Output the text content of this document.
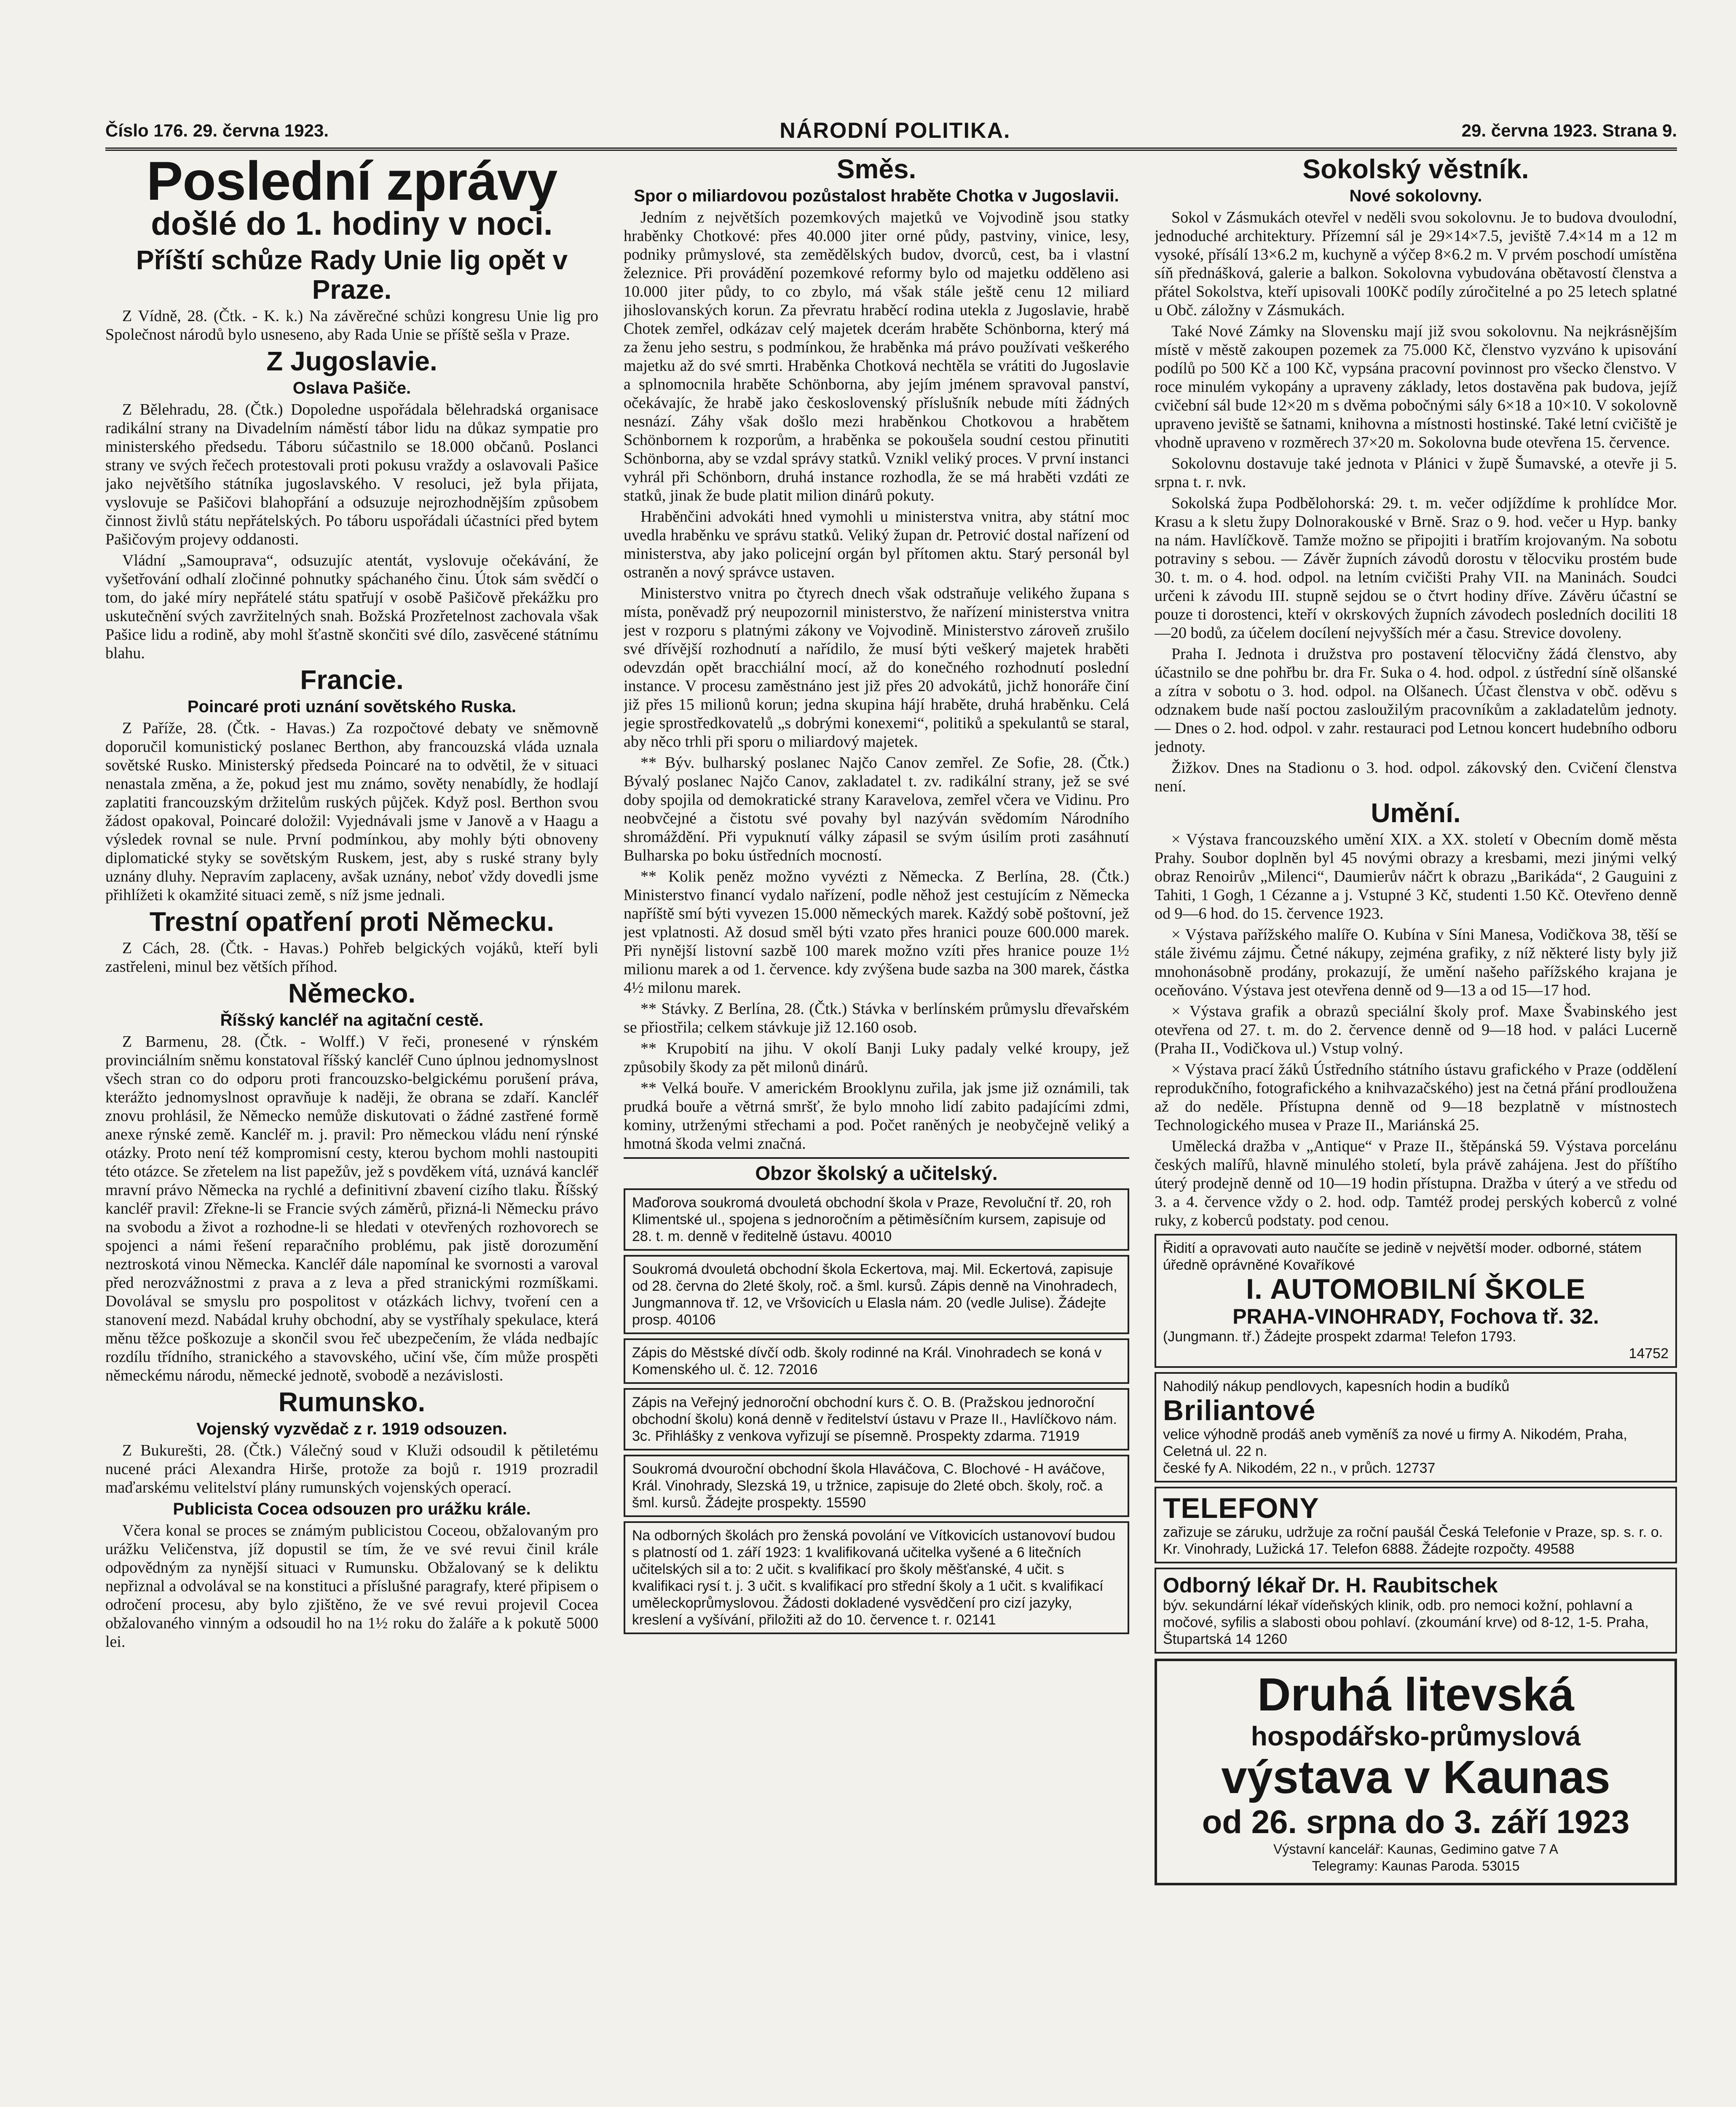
Číslo 176. 29. června 1923.	NÁRODNÍ POLITIKA.	29. června 1923. Strana 9.
Poslední zprávy
došlé do 1. hodiny v noci.
Příští schůze Rady Unie lig opět v Praze.

Z Vídně, 28. (Čtk. - K. k.) Na závěrečné schůzi kongresu Unie lig pro Společnost národů bylo usneseno, aby Rada Unie se příště sešla v Praze.

Z Jugoslavie.
Oslava Pašiče.

Z Bělehradu, 28. (Čtk.) Dopoledne uspořádala bělehradská organisace radikální strany na Divadelním náměstí tábor lidu na důkaz sympatie pro ministerského předsedu. Táboru súčastnilo se 18.000 občanů. Poslanci strany ve svých řečech protestovali proti pokusu vraždy a oslavovali Pašice jako největšího státníka jugoslavského. V resoluci, jež byla přijata, vyslovuje se Pašičovi blahopřání a odsuzuje nejrozhodnějším způsobem činnost živlů státu nepřátelských. Po táboru uspořádali účastníci před bytem Pašičovým projevy oddanosti.

Vládní „Samouprava“, odsuzujíc atentát, vyslovuje očekávání, že vyšetřování odhalí zločinné pohnutky spáchaného činu. Útok sám svědčí o tom, do jaké míry nepřátelé státu spatřují v osobě Pašičově překážku pro uskutečnění svých zavržitelných snah. Božská Prozřetelnost zachovala však Pašice lidu a rodině, aby mohl šťastně skončiti své dílo, zasvěcené státnímu blahu.

Francie.
Poincaré proti uznání sovětského Ruska.

Z Paříže, 28. (Čtk. - Havas.) Za rozpočtové debaty ve sněmovně doporučil komunistický poslanec Berthon, aby francouzská vláda uznala sovětské Rusko. Ministerský předseda Poincaré na to odvětil, že v situaci nenastala změna, a že, pokud jest mu známo, sověty nenabídly, že hodlají zaplatiti francouzským držitelům ruských půjček. Když posl. Berthon svou žádost opakoval, Poincaré doložil: Vyjednávali jsme v Janově a v Haagu a výsledek rovnal se nule. První podmínkou, aby mohly býti obnoveny diplomatické styky se sovětským Ruskem, jest, aby s ruské strany byly uznány dluhy. Nepravím zaplaceny, avšak uznány, neboť vždy dovedli jsme přihlížeti k okamžité situaci země, s níž jsme jednali.

Trestní opatření proti Německu.

Z Cách, 28. (Čtk. - Havas.) Pohřeb belgických vojáků, kteří byli zastřeleni, minul bez větších příhod.

Německo.
Říšský kancléř na agitační cestě.

Z Barmenu, 28. (Čtk. - Wolff.) V řeči, pronesené v rýnském provinciálním sněmu konstatoval říšský kancléř Cuno úplnou jednomyslnost všech stran co do odporu proti francouzsko-belgickému porušení práva, kterážto jednomyslnost opravňuje k naději, že obrana se zdaří. Kancléř znovu prohlásil, že Německo nemůže diskutovati o žádné zastřené formě anexe rýnské země. Kancléř m. j. pravil: Pro německou vládu není rýnské otázky. Proto není též kompromisní cesty, kterou bychom mohli nastoupiti této otázce. Se zřetelem na list papežův, jež s povděkem vítá, uznává kancléř mravní právo Německa na rychlé a definitivní zbavení cizího tlaku. Říšský kancléř pravil: Zřekne-li se Francie svých záměrů, přizná-li Německu právo na svobodu a život a rozhodne-li se hledati v otevřených rozhovorech se spojenci a námi řešení reparačního problému, pak jistě dorozumění neztroskotá vinou Německa. Kancléř dále napomínal ke svornosti a varoval před nerozvážnostmi z prava a z leva a před stranickými rozmíškami. Dovolával se smyslu pro pospolitost v otázkách lichvy, tvoření cen a stanovení mezd. Nabádal kruhy obchodní, aby se vystříhaly spekulace, která měnu těžce poškozuje a skončil svou řeč ubezpečením, že vláda nedbajíc rozdílu třídního, stranického a stavovského, učiní vše, čím může prospěti německému národu, německé jednotě, svobodě a nezávislosti.

Rumunsko.
Vojenský vyzvědač z r. 1919 odsouzen.

Z Bukurešti, 28. (Čtk.) Válečný soud v Kluži odsoudil k pětiletému nucené práci Alexandra Hirše, protože za bojů r. 1919 prozradil maďarskému velitelství plány rumunských vojenských operací.

Publicista Cocea odsouzen pro urážku krále.

Včera konal se proces se známým publicistou Coceou, obžalovaným pro urážku Veličenstva, jíž dopustil se tím, že ve své revui činil krále odpovědným za nynější situaci v Rumunsku. Obžalovaný se k deliktu nepřiznal a odvolával se na konstituci a příslušné paragrafy, které připisem o odročení procesu, aby bylo zjištěno, že ve své revui projevil Cocea obžalovaného vinným a odsoudil ho na 1½ roku do žaláře a k pokutě 5000 lei.

Směs.
Spor o miliardovou pozůstalost hraběte Chotka v Jugoslavii.

Jedním z největších pozemkových majetků ve Vojvodině jsou statky hraběnky Chotkové: přes 40.000 jiter orné půdy, pastviny, vinice, lesy, podniky průmyslové, sta zemědělských budov, dvorců, cest, ba i vlastní železnice. Při provádění pozemkové reformy bylo od majetku odděleno asi 10.000 jiter půdy, to co zbylo, má však stále ještě cenu 12 miliard jihoslovanských korun. Za převratu hraběcí rodina utekla z Jugoslavie, hrabě Chotek zemřel, odkázav celý majetek dcerám hraběte Schönborna, který má za ženu jeho sestru, s podmínkou, že hraběnka má právo používati veškerého majetku až do své smrti. Hraběnka Chotková nechtěla se vrátiti do Jugoslavie a splnomocnila hraběte Schönborna, aby jejím jménem spravoval panství, očekávajíc, že hrabě jako československý příslušník nebude míti žádných nesnází. Záhy však došlo mezi hraběnkou Chotkovou a hrabětem Schönbornem k rozporům, a hraběnka se pokoušela soudní cestou přinutiti Schönborna, aby se vzdal správy statků. Vznikl veliký proces. V první instanci vyhrál při Schönborn, druhá instance rozhodla, že se má hraběti vzdáti ze statků, jinak že bude platit milion dinárů pokuty.

Hraběnčini advokáti hned vymohli u ministerstva vnitra, aby státní moc uvedla hraběnku ve správu statků. Veliký župan dr. Petrović dostal nařízení od ministerstva, aby jako policejní orgán byl přítomen aktu. Starý personál byl ostraněn a nový správce ustaven.

Ministerstvo vnitra po čtyrech dnech však odstraňuje velikého župana s místa, poněvadž prý neupozornil ministerstvo, že nařízení ministerstva vnitra jest v rozporu s platnými zákony ve Vojvodině. Ministerstvo zároveň zrušilo své dřívější rozhodnutí a nařídilo, že musí býti veškerý majetek hraběti odevzdán opět bracchiální mocí, až do konečného rozhodnutí poslední instance. V procesu zaměstnáno jest již přes 20 advokátů, jichž honoráře činí již přes 15 milionů korun; jedna skupina hájí hraběte, druhá hraběnku. Celá jegie sprostředkovatelů „s dobrými konexemi“, politiků a spekulantů se staral, aby něco trhli při sporu o miliardový majetek.

** Býv. bulharský poslanec Najčo Canov zemřel. Ze Sofie, 28. (Čtk.) Bývalý poslanec Najčo Canov, zakladatel t. zv. radikální strany, jež se své doby spojila od demokratické strany Karavelova, zemřel včera ve Vidinu. Pro neobvčejné a čistotu své povahy byl nazýván svědomím Národního shromáždění. Při vypuknutí války zápasil se svým úsilím proti zasáhnutí Bulharska po boku ústředních mocností.

** Kolik peněz možno vyvézti z Německa. Z Berlína, 28. (Čtk.) Ministerstvo financí vydalo nařízení, podle něhož jest cestujícím z Německa napříště smí býti vyvezen 15.000 německých marek. Každý sobě poštovní, jež jest vplatnosti. Až dosud směl býti vzato přes hranici pouze 600.000 marek. Při nynější listovní sazbě 100 marek možno vzíti přes hranice pouze 1½ milionu marek a od 1. července. kdy zvýšena bude sazba na 300 marek, částka 4½ milonu marek.

** Stávky. Z Berlína, 28. (Čtk.) Stávka v berlínském průmyslu dřevařském se přiostřila; celkem stávkuje již 12.160 osob.

** Krupobití na jihu. V okolí Banji Luky padaly velké kroupy, jež způsobily škody za pět milonů dinárů.

** Velká bouře. V americkém Brooklynu zuřila, jak jsme již oznámili, tak prudká bouře a větrná smršť, že bylo mnoho lidí zabito padajícími zdmi, kominy, utrženými střechami a pod. Počet raněných je neobyčejně veliký a hmotná škoda velmi značná.

Obzor školský a učitelský.

Maďorova soukromá dvouletá obchodní škola v Praze, Revoluční tř. 20, roh Klimentské ul., spojena s jednoročním a pětiměsíčním kursem, zapisuje od 28. t. m. denně v ředitelně ústavu. 40010

Soukromá dvouletá obchodní škola Eckertova, maj. Mil. Eckertová, zapisuje od 28. června do 2leté školy, roč. a šml. kursů. Zápis denně na Vinohradech, Jungmannova tř. 12, ve Vršovicích u Elasla nám. 20 (vedle Julise). Žádejte prosp. 40106

Zápis do Městské dívčí odb. školy rodinné na Král. Vinohradech se koná v Komenského ul. č. 12. 72016

Zápis na Veřejný jednoroční obchodní kurs č. O. B. (Pražskou jednoroční obchodní školu) koná denně v ředitelství ústavu v Praze II., Havlíčkovo nám. 3c. Přihlášky z venkova vyřizují se písemně. Prospekty zdarma. 71919

Soukromá dvouroční obchodní škola Hlaváčova, C. Blochové - H aváčove, Král. Vinohrady, Slezská 19, u tržnice, zapisuje do 2leté obch. školy, roč. a šml. kursů. Žádejte prospekty. 15590

Na odborných školách pro ženská povolání ve Vítkovicích ustanovoví budou s platností od 1. září 1923: 1 kvalifikovaná učitelka vyšené a 6 litečních učitelských sil a to: 2 učit. s kvalifikací pro školy měšťanské, 4 učit. s kvalifikaci rysí t. j. 3 učit. s kvalifikací pro střední školy a 1 učit. s kvalifikací uměleckoprůmyslovou. Žádosti dokladené vysvědčení pro cizí jazyky, kreslení a vyšívání, přiložiti až do 10. července t. r. 02141

Sokolský věstník.
Nové sokolovny.

Sokol v Zásmukách otevřel v neděli svou sokolovnu. Je to budova dvoulodní, jednoduché architektury. Přízemní sál je 29×14×7.5, jeviště 7.4×14 m a 12 m vysoké, přísálí 13×6.2 m, kuchyně a výčep 8×6.2 m. V prvém poschodí umístěna síň přednášková, galerie a balkon. Sokolovna vybudována obětavostí členstva a přátel Sokolstva, kteří upisovali 100Kč podíly zúročitelné a po 25 letech splatné u Obč. záložny v Zásmukách.

Také Nové Zámky na Slovensku mají již svou sokolovnu. Na nejkrásnějším místě v městě zakoupen pozemek za 75.000 Kč, členstvo vyzváno k upisování podílů po 500 Kč a 100 Kč, vypsána pracovní povinnost pro všecko členstvo. V roce minulém vykopány a upraveny základy, letos dostavěna pak budova, jejíž cvičební sál bude 12×20 m s dvěma pobočnými sály 6×18 a 10×10. V sokolovně upraveno jeviště se šatnami, knihovna a místnosti hostinské. Také letní cvičiště je vhodně upraveno v rozměrech 37×20 m. Sokolovna bude otevřena 15. července.

Sokolovnu dostavuje také jednota v Plánici v župě Šumavské, a otevře ji 5. srpna t. r. nvk.

Sokolská župa Podbělohorská: 29. t. m. večer odjíždíme k prohlídce Mor. Krasu a k sletu župy Dolnorakouské v Brně. Sraz o 9. hod. večer u Hyp. banky na nám. Havlíčkově. Tamže možno se připojiti i bratřím krojovaným. Na sobotu potraviny s sebou. — Závěr župních závodů dorostu v tělocviku prostém bude 30. t. m. o 4. hod. odpol. na letním cvičišti Prahy VII. na Maninách. Soudci určeni k závodu III. stupně sejdou se o čtvrt hodiny dříve. Závěru účastní se pouze ti dorostenci, kteří v okrskových župních závodech posledních dociliti 18—20 bodů, za účelem docílení nejvyšších mér a času. Strevice dovoleny.

Praha I. Jednota i družstva pro postavení tělocvičny žádá členstvo, aby účastnilo se dne pohřbu br. dra Fr. Suka o 4. hod. odpol. z ústřední síně olšanské a zítra v sobotu o 3. hod. odpol. na Olšanech. Účast členstva v obč. oděvu s odznakem bude naší poctou zasloužilým pracovníkům a zakladatelům jednoty. — Dnes o 2. hod. odpol. v zahr. restauraci pod Letnou koncert hudebního odboru jednoty.

Žižkov. Dnes na Stadionu o 3. hod. odpol. zákovský den. Cvičení členstva není.

Umění.

× Výstava francouzského umění XIX. a XX. století v Obecním domě města Prahy. Soubor doplněn byl 45 novými obrazy a kresbami, mezi jinými velký obraz Renoirův „Milenci“, Daumierův náčrt k obrazu „Barikáda“, 2 Gauguini z Tahiti, 1 Gogh, 1 Cézanne a j. Vstupné 3 Kč, studenti 1.50 Kč. Otevřeno denně od 9—6 hod. do 15. července 1923.

× Výstava pařížského malíře O. Kubína v Síni Manesa, Vodičkova 38, těší se stále živému zájmu. Četné nákupy, zejména grafiky, z níž některé listy byly již mnohonásobně prodány, prokazují, že umění našeho pařížského krajana je oceňováno. Výstava jest otevřena denně od 9—13 a od 15—17 hod.

× Výstava grafik a obrazů speciální školy prof. Maxe Švabinského jest otevřena od 27. t. m. do 2. července denně od 9—18 hod. v paláci Lucerně (Praha II., Vodičkova ul.) Vstup volný.

× Výstava prací žáků Ústředního státního ústavu grafického v Praze (oddělení reprodukčního, fotografického a knihvazačského) jest na četná přání prodloužena až do neděle. Přístupna denně od 9—18 bezplatně v místnostech Technologického musea v Praze II., Mariánská 25.

Umělecká dražba v „Antique“ v Praze II., štěpánská 59. Výstava porcelánu českých malířů, hlavně minulého století, byla právě zahájena. Jest do příštího úterý prodejně denně od 10—19 hodin přístupna. Dražba v úterý a ve středu od 3. a 4. července vždy o 2. hod. odp. Tamtéž prodej perských koberců z volné ruky, z koberců podstaty. pod cenou.

Řidití a opravovati auto naučíte se jedině v největší moder. odborné, státem úředně oprávněné Kovaříkové

I. AUTOMOBILNÍ ŠKOLE

PRAHA-VINOHRADY, Fochova tř. 32.

(Jungmann. tř.) Žádejte prospekt zdarma! Telefon 1793.

14752

Nahodilý nákup pendlovych, kapesních hodin a budíků

Briliantové

velice výhodně prodáš aneb vyměníš za nové u firmy A. Nikodém, Praha, Celetná ul. 22 n.

české fy A. Nikodém, 22 n., v průch. 12737

TELEFONY

zařizuje se záruku, udržuje za roční paušál Česká Telefonie v Praze, sp. s. r. o. Kr. Vinohrady, Lužická 17. Telefon 6888. Žádejte rozpočty. 49588

Odborný lékař Dr. H. Raubitschek

býv. sekundární lékař vídeňských klinik, odb. pro nemoci kožní, pohlavní a močové, syfilis a slabosti obou pohlaví. (zkoumání krve) od 8-12, 1-5. Praha, Štupartská 14 1260

Druhá litevská

hospodářsko-průmyslová

výstava v Kaunas

od 26. srpna do 3. září 1923

Výstavní kancelář: Kaunas, Gedimino gatve 7 A

Telegramy: Kaunas Paroda. 53015
